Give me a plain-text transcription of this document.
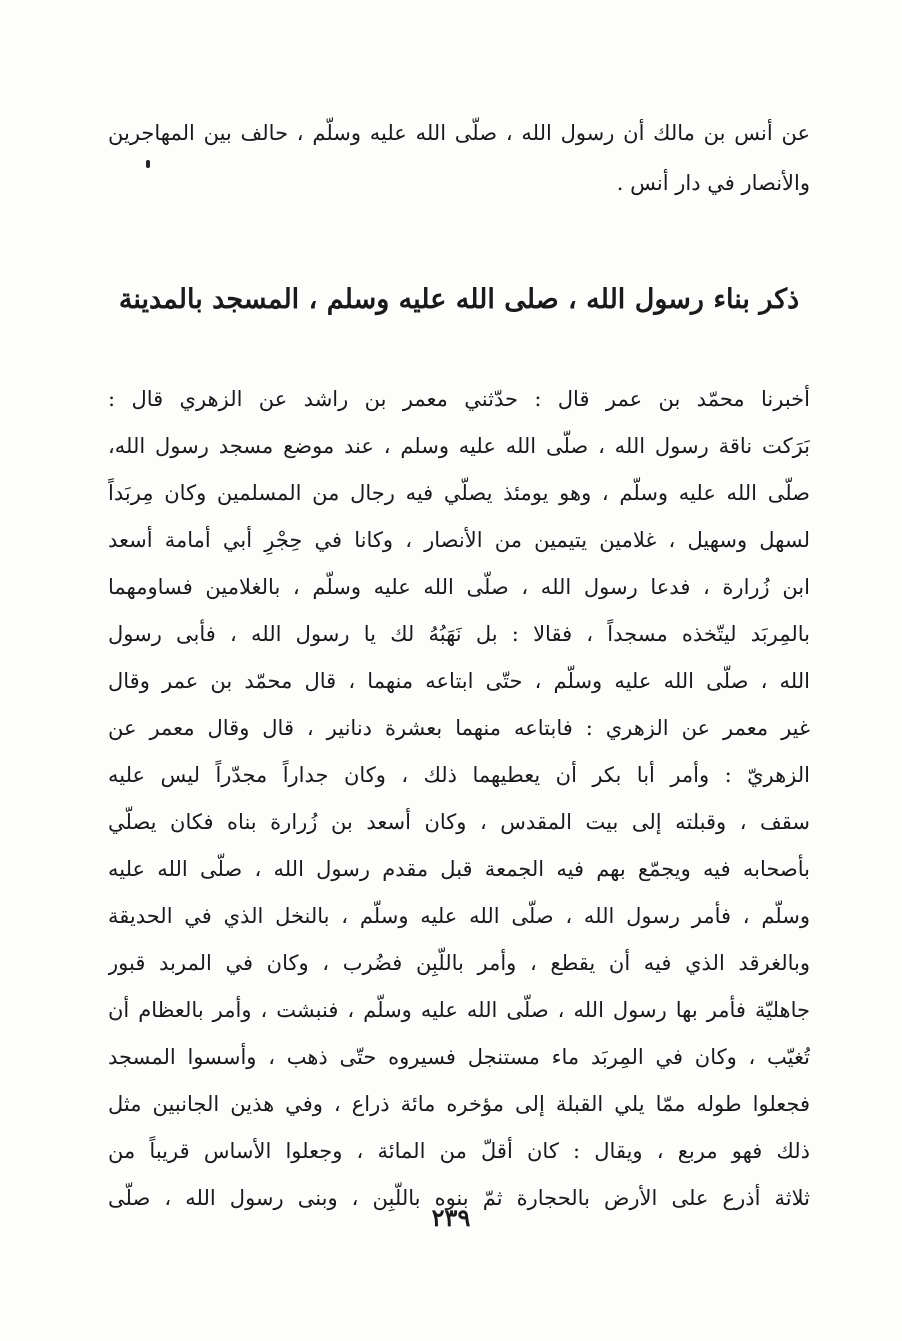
عن أنس بن مالك أن رسول الله ، صلّى الله عليه وسلّم ، حالف بين المهاجرين
والأنصار في دار أنس .
ذكر بناء رسول الله ، صلى الله عليه وسلم ، المسجد بالمدينة
أخبرنا محمّد بن عمر قال : حدّثني معمر بن راشد عن الزهري قال :
بَرَكت ناقة رسول الله ، صلّى الله عليه وسلم ، عند موضع مسجد رسول الله،
صلّى الله عليه وسلّم ، وهو يومئذ يصلّي فيه رجال من المسلمين وكان مِربَداً
لسهل وسهيل ، غلامين يتيمين من الأنصار ، وكانا في حِجْرِ أبي أمامة أسعد
ابن زُرارة ، فدعا رسول الله ، صلّى الله عليه وسلّم ، بالغلامين فساومهما
بالمِربَد ليتّخذه مسجداً ، فقالا : بل نَهَبُهُ لك يا رسول الله ، فأبى رسول
الله ، صلّى الله عليه وسلّم ، حتّى ابتاعه منهما ، قال محمّد بن عمر وقال
غير معمر عن الزهري : فابتاعه منهما بعشرة دنانير ، قال وقال معمر عن
الزهريّ : وأمر أبا بكر أن يعطيهما ذلك ، وكان جداراً مجدّراً ليس عليه
سقف ، وقبلته إلى بيت المقدس ، وكان أسعد بن زُرارة بناه فكان يصلّي
بأصحابه فيه ويجمّع بهم فيه الجمعة قبل مقدم رسول الله ، صلّى الله عليه
وسلّم ، فأمر رسول الله ، صلّى الله عليه وسلّم ، بالنخل الذي في الحديقة
وبالغرقد الذي فيه أن يقطع ، وأمر باللّبِن فضُرب ، وكان في المربد قبور
جاهليّة فأمر بها رسول الله ، صلّى الله عليه وسلّم ، فنبشت ، وأمر بالعظام أن
تُغيّب ، وكان في المِربَد ماء مستنجل فسيروه حتّى ذهب ، وأسسوا المسجد
فجعلوا طوله ممّا يلي القبلة إلى مؤخره مائة ذراع ، وفي هذين الجانبين مثل
ذلك فهو مربع ، ويقال : كان أقلّ من المائة ، وجعلوا الأساس قريباً من
ثلاثة أذرع على الأرض بالحجارة ثمّ بنوه باللّبِن ، وبنى رسول الله ، صلّى
٢٣٩
